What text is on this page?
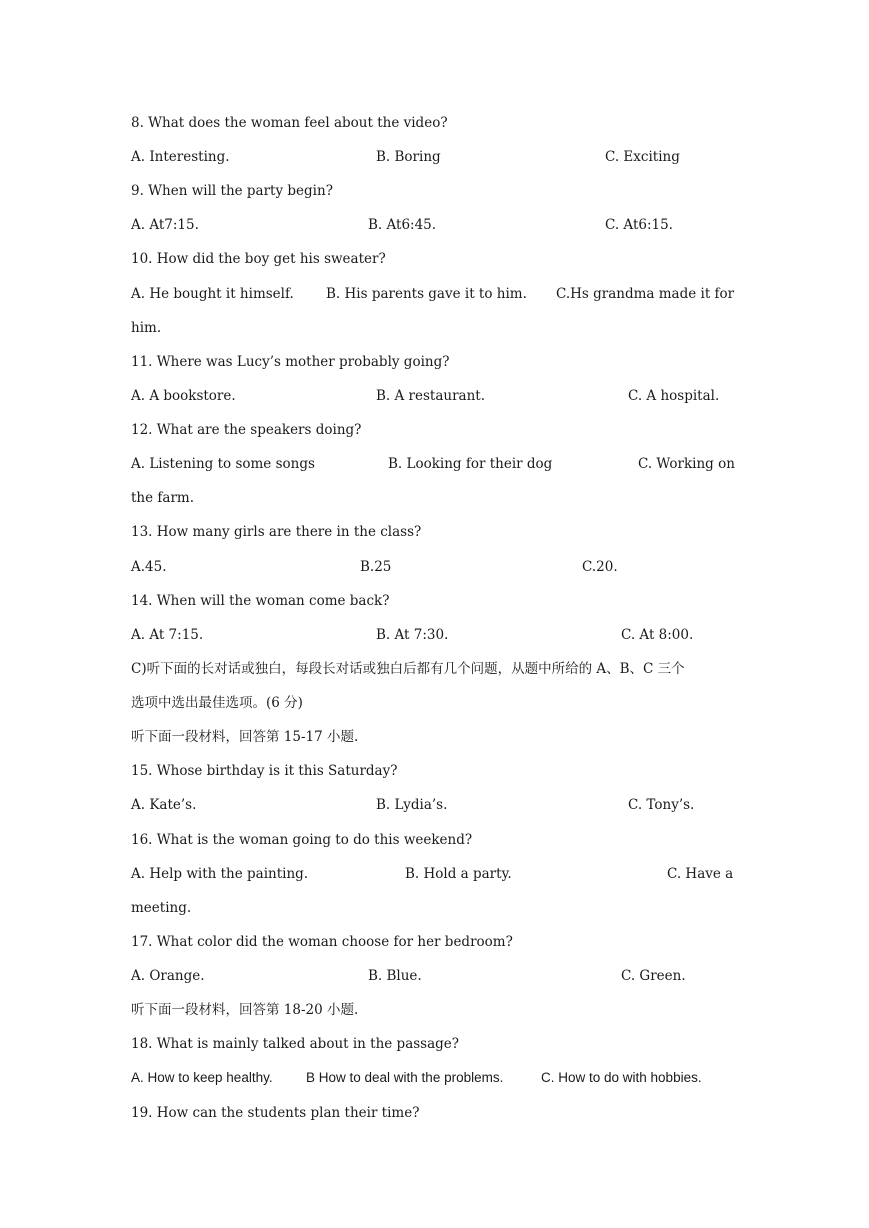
8. What does the woman feel about the video?
A. Interesting.	B. Boring	C. Exciting
9. When will the party begin?
A. At7:15.	B. At6:45.	C. At6:15.
10. How did the boy get his sweater?
A. He bought it himself. B. His parents gave it to him. C.Hs grandma made it for
him.
11. Where was Lucy’s mother probably going?
A. A bookstore.	B. A restaurant.	C. A hospital.
12. What are the speakers doing?
A. Listening to some songs	B. Looking for their dog	C. Working on
the farm.
13. How many girls are there in the class?
A.45.	B.25	C.20.
14. When will the woman come back?
A. At 7:15.	B. At 7:30.	C. At 8:00.
C)听下面的长对话或独白，每段长对话或独白后都有几个问题，从题中所给的 A、B、C 三个
选项中选出最佳选项。(6 分)
听下面一段材料，回答第 15-17 小题.
15. Whose birthday is it this Saturday?
A. Kate’s.	B. Lydia’s.	C. Tony’s.
16. What is the woman going to do this weekend?
A. Help with the painting.	B. Hold a party.	C. Have a
meeting.
17. What color did the woman choose for her bedroom?
A. Orange.	B. Blue.	C. Green.
听下面一段材料，回答第 18-20 小题.
18. What is mainly talked about in the passage?
A. How to keep healthy. B How to deal with the problems.	C. How to do with hobbies.
19. How can the students plan their time?
